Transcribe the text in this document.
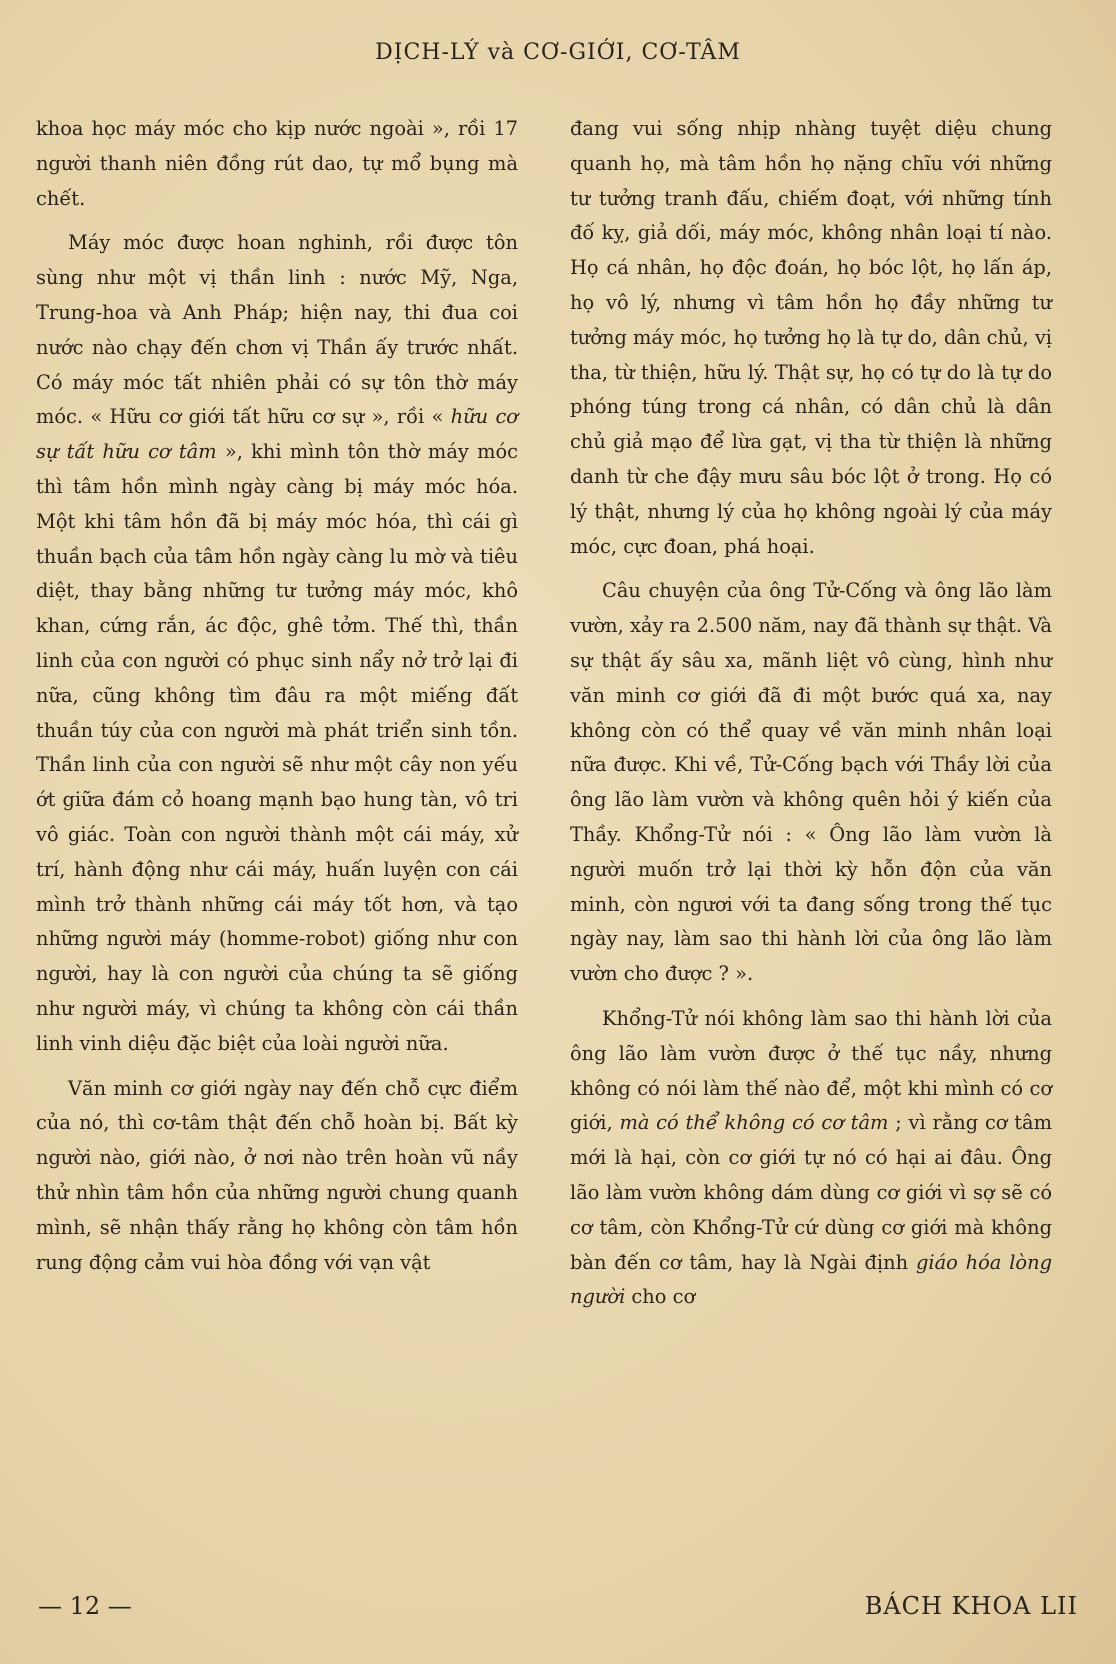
DỊCH-LÝ và CƠ-GIỚI, CƠ-TÂM

khoa học máy móc cho kịp nước ngoài », rồi 17 người thanh niên đồng rút dao, tự mổ bụng mà chết.

Máy móc được hoan nghinh, rồi được tôn sùng như một vị thần linh : nước Mỹ, Nga, Trung-hoa và Anh Pháp; hiện nay, thi đua coi nước nào chạy đến chơn vị Thần ấy trước nhất. Có máy móc tất nhiên phải có sự tôn thờ máy móc. « Hữu cơ giới tất hữu cơ sự », rồi « hữu cơ sự tất hữu cơ tâm », khi mình tôn thờ máy móc thì tâm hồn mình ngày càng bị máy móc hóa. Một khi tâm hồn đã bị máy móc hóa, thì cái gì thuần bạch của tâm hồn ngày càng lu mờ và tiêu diệt, thay bằng những tư tưởng máy móc, khô khan, cứng rắn, ác độc, ghê tởm. Thế thì, thần linh của con người có phục sinh nẩy nở trở lại đi nữa, cũng không tìm đâu ra một miếng đất thuần túy của con người mà phát triển sinh tồn. Thần linh của con người sẽ như một cây non yếu ớt giữa đám cỏ hoang mạnh bạo hung tàn, vô tri vô giác. Toàn con người thành một cái máy, xử trí, hành động như cái máy, huấn luyện con cái mình trở thành những cái máy tốt hơn, và tạo những người máy (homme-robot) giống như con người, hay là con người của chúng ta sẽ giống như người máy, vì chúng ta không còn cái thần linh vinh diệu đặc biệt của loài người nữa.

Văn minh cơ giới ngày nay đến chỗ cực điểm của nó, thì cơ-tâm thật đến chỗ hoàn bị. Bất kỳ người nào, giới nào, ở nơi nào trên hoàn vũ nầy thử nhìn tâm hồn của những người chung quanh mình, sẽ nhận thấy rằng họ không còn tâm hồn rung động cảm vui hòa đồng với vạn vật

đang vui sống nhịp nhàng tuyệt diệu chung quanh họ, mà tâm hồn họ nặng chĩu với những tư tưởng tranh đấu, chiếm đoạt, với những tính đố kỵ, giả dối, máy móc, không nhân loại tí nào. Họ cá nhân, họ độc đoán, họ bóc lột, họ lấn áp, họ vô lý, nhưng vì tâm hồn họ đầy những tư tưởng máy móc, họ tưởng họ là tự do, dân chủ, vị tha, từ thiện, hữu lý. Thật sự, họ có tự do là tự do phóng túng trong cá nhân, có dân chủ là dân chủ giả mạo để lừa gạt, vị tha từ thiện là những danh từ che đậy mưu sâu bóc lột ở trong. Họ có lý thật, nhưng lý của họ không ngoài lý của máy móc, cực đoan, phá hoại.

Câu chuyện của ông Tử-Cống và ông lão làm vườn, xảy ra 2.500 năm, nay đã thành sự thật. Và sự thật ấy sâu xa, mãnh liệt vô cùng, hình như văn minh cơ giới đã đi một bước quá xa, nay không còn có thể quay về văn minh nhân loại nữa được. Khi về, Tử-Cống bạch với Thầy lời của ông lão làm vườn và không quên hỏi ý kiến của Thầy. Khổng-Tử nói : « Ông lão làm vườn là người muốn trở lại thời kỳ hỗn độn của văn minh, còn ngươi với ta đang sống trong thế tục ngày nay, làm sao thi hành lời của ông lão làm vườn cho được ? ».

Khổng-Tử nói không làm sao thi hành lời của ông lão làm vườn được ở thế tục nầy, nhưng không có nói làm thế nào để, một khi mình có cơ giới, mà có thể không có cơ tâm ; vì rằng cơ tâm mới là hại, còn cơ giới tự nó có hại ai đâu. Ông lão làm vườn không dám dùng cơ giới vì sợ sẽ có cơ tâm, còn Khổng-Tử cứ dùng cơ giới mà không bàn đến cơ tâm, hay là Ngài định giáo hóa lòng người cho cơ

— 12 —	BÁCH KHOA LII
